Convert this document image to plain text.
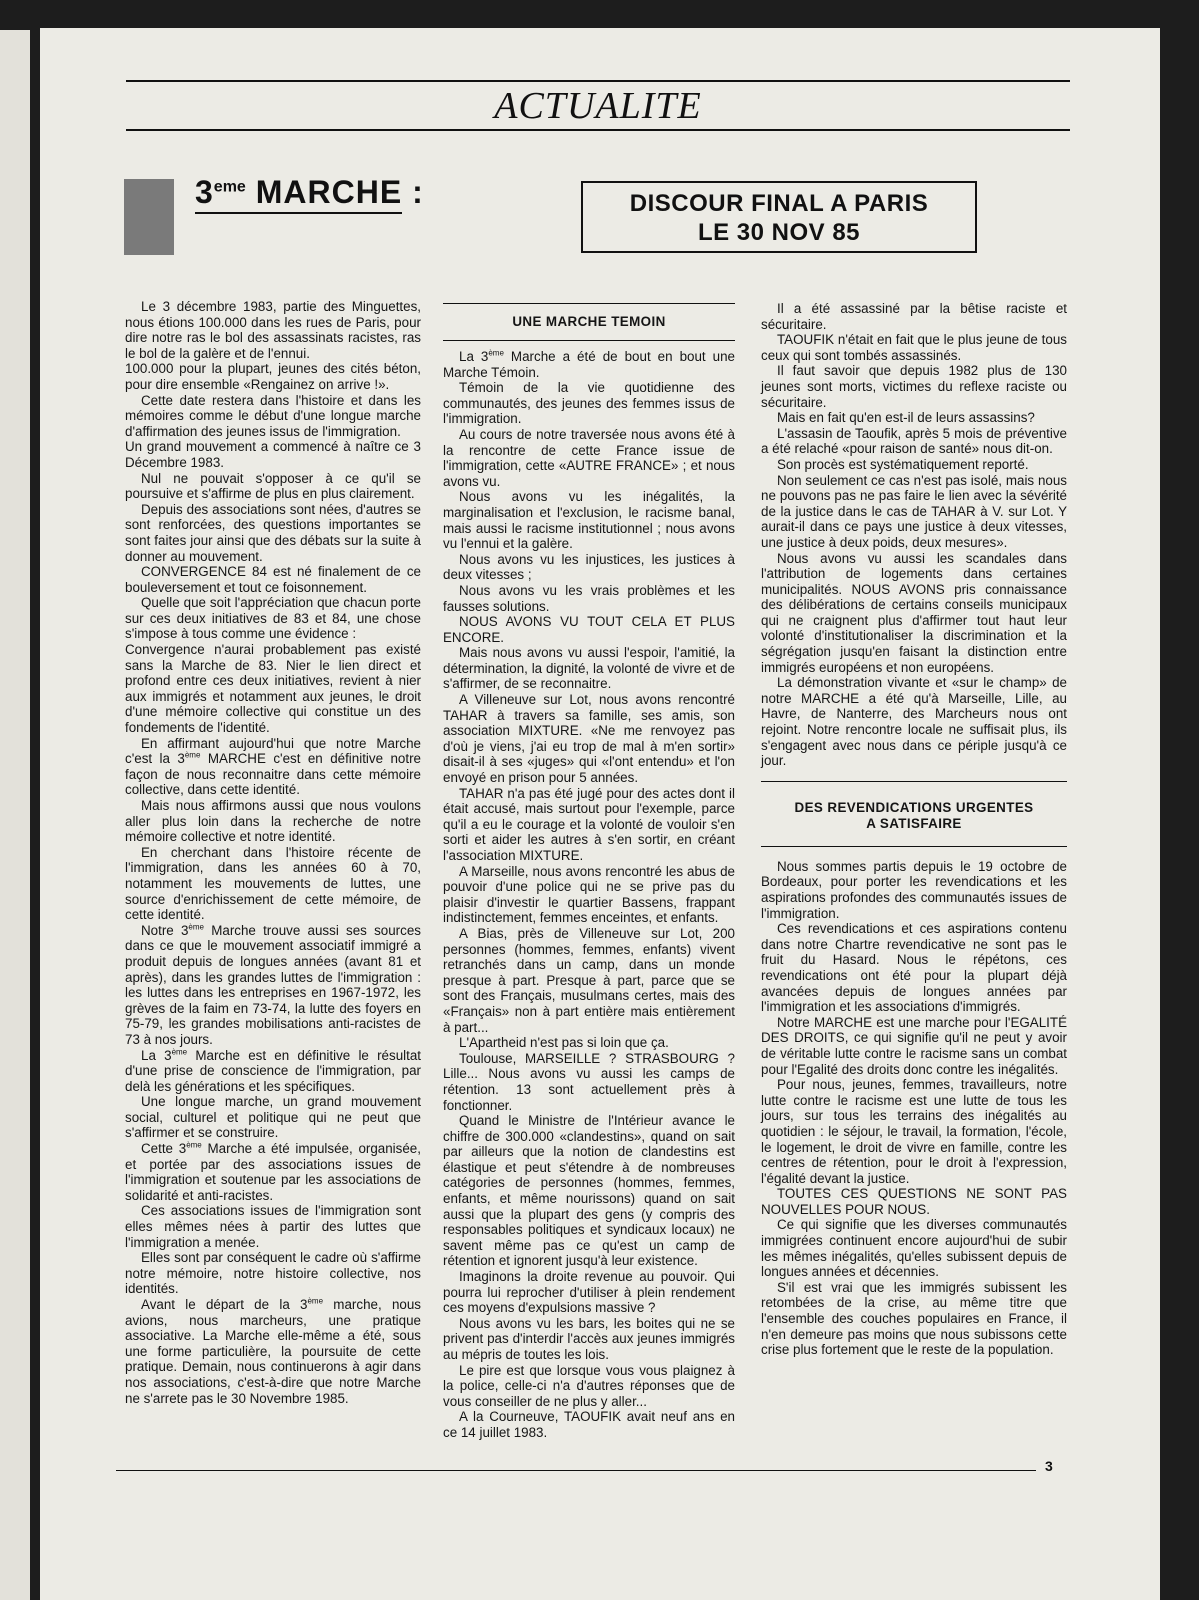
ACTUALITE
3eme MARCHE :	DISCOUR FINAL A PARIS
LE 30 NOV 85

Le 3 décembre 1983, partie des Minguettes, nous étions 100.000 dans les rues de Paris, pour dire notre ras le bol des assassinats racistes, ras le bol de la galère et de l'ennui.

100.000 pour la plupart, jeunes des cités béton, pour dire ensemble «Rengainez on arrive !».

Cette date restera dans l'histoire et dans les mémoires comme le début d'une longue marche d'affirmation des jeunes issus de l'immigration.

Un grand mouvement a commencé à naître ce 3 Décembre 1983.

Nul ne pouvait s'opposer à ce qu'il se poursuive et s'affirme de plus en plus clairement.

Depuis des associations sont nées, d'autres se sont renforcées, des questions importantes se sont faites jour ainsi que des débats sur la suite à donner au mouvement.

CONVERGENCE 84 est né finalement de ce bouleversement et tout ce foisonnement.

Quelle que soit l'appréciation que chacun porte sur ces deux initiatives de 83 et 84, une chose s'impose à tous comme une évidence :

Convergence n'aurai probablement pas existé sans la Marche de 83. Nier le lien direct et profond entre ces deux initiatives, revient à nier aux immigrés et notamment aux jeunes, le droit d'une mémoire collective qui constitue un des fondements de l'identité.

En affirmant aujourd'hui que notre Marche c'est la 3ème MARCHE c'est en définitive notre façon de nous reconnaitre dans cette mémoire collective, dans cette identité.

Mais nous affirmons aussi que nous voulons aller plus loin dans la recherche de notre mémoire collective et notre identité.

En cherchant dans l'histoire récente de l'immigration, dans les années 60 à 70, notamment les mouvements de luttes, une source d'enrichissement de cette mémoire, de cette identité.

Notre 3ème Marche trouve aussi ses sources dans ce que le mouvement associatif immigré a produit depuis de longues années (avant 81 et après), dans les grandes luttes de l'immigration : les luttes dans les entreprises en 1967-1972, les grèves de la faim en 73-74, la lutte des foyers en 75-79, les grandes mobilisations anti-racistes de 73 à nos jours.

La 3ème Marche est en définitive le résultat d'une prise de conscience de l'immigration, par delà les générations et les spécifiques.

Une longue marche, un grand mouvement social, culturel et politique qui ne peut que s'affirmer et se construire.

Cette 3ème Marche a été impulsée, organisée, et portée par des associations issues de l'immigration et soutenue par les associations de solidarité et anti-racistes.

Ces associations issues de l'immigration sont elles mêmes nées à partir des luttes que l'immigration a menée.

Elles sont par conséquent le cadre où s'affirme notre mémoire, notre histoire collective, nos identités.

Avant le départ de la 3ème marche, nous avions, nous marcheurs, une pratique associative. La Marche elle-même a été, sous une forme particulière, la poursuite de cette pratique. Demain, nous continuerons à agir dans nos associations, c'est-à-dire que notre Marche ne s'arrete pas le 30 Novembre 1985.

UNE MARCHE TEMOIN

La 3ème Marche a été de bout en bout une Marche Témoin.

Témoin de la vie quotidienne des communautés, des jeunes des femmes issus de l'immigration.

Au cours de notre traversée nous avons été à la rencontre de cette France issue de l'immigration, cette «AUTRE FRANCE» ; et nous avons vu.

Nous avons vu les inégalités, la marginalisation et l'exclusion, le racisme banal, mais aussi le racisme institutionnel ; nous avons vu l'ennui et la galère.

Nous avons vu les injustices, les justices à deux vitesses ;

Nous avons vu les vrais problèmes et les fausses solutions.

NOUS AVONS VU TOUT CELA ET PLUS ENCORE.

Mais nous avons vu aussi l'espoir, l'amitié, la détermination, la dignité, la volonté de vivre et de s'affirmer, de se reconnaitre.

A Villeneuve sur Lot, nous avons rencontré TAHAR à travers sa famille, ses amis, son association MIXTURE. «Ne me renvoyez pas d'où je viens, j'ai eu trop de mal à m'en sortir» disait-il à ses «juges» qui «l'ont entendu» et l'on envoyé en prison pour 5 années.

TAHAR n'a pas été jugé pour des actes dont il était accusé, mais surtout pour l'exemple, parce qu'il a eu le courage et la volonté de vouloir s'en sorti et aider les autres à s'en sortir, en créant l'association MIXTURE.

A Marseille, nous avons rencontré les abus de pouvoir d'une police qui ne se prive pas du plaisir d'investir le quartier Bassens, frappant indistinctement, femmes enceintes, et enfants.

A Bias, près de Villeneuve sur Lot, 200 personnes (hommes, femmes, enfants) vivent retranchés dans un camp, dans un monde presque à part. Presque à part, parce que se sont des Français, musulmans certes, mais des «Français» non à part entière mais entièrement à part...

L'Apartheid n'est pas si loin que ça.

Toulouse, MARSEILLE ? STRASBOURG ? Lille... Nous avons vu aussi les camps de rétention. 13 sont actuellement près à fonctionner.

Quand le Ministre de l'Intérieur avance le chiffre de 300.000 «clandestins», quand on sait par ailleurs que la notion de clandestins est élastique et peut s'étendre à de nombreuses catégories de personnes (hommes, femmes, enfants, et même nourissons) quand on sait aussi que la plupart des gens (y compris des responsables politiques et syndicaux locaux) ne savent même pas ce qu'est un camp de rétention et ignorent jusqu'à leur existence.

Imaginons la droite revenue au pouvoir. Qui pourra lui reprocher d'utiliser à plein rendement ces moyens d'expulsions massive ?

Nous avons vu les bars, les boites qui ne se privent pas d'interdir l'accès aux jeunes immigrés au mépris de toutes les lois.

Le pire est que lorsque vous vous plaignez à la police, celle-ci n'a d'autres réponses que de vous conseiller de ne plus y aller...

A la Courneuve, TAOUFIK avait neuf ans en ce 14 juillet 1983.

Il a été assassiné par la bêtise raciste et sécuritaire.

TAOUFIK n'était en fait que le plus jeune de tous ceux qui sont tombés assassinés.

Il faut savoir que depuis 1982 plus de 130 jeunes sont morts, victimes du reflexe raciste ou sécuritaire.

Mais en fait qu'en est-il de leurs assassins?

L'assasin de Taoufik, après 5 mois de préventive a été relaché «pour raison de santé» nous dit-on.

Son procès est systématiquement reporté.

Non seulement ce cas n'est pas isolé, mais nous ne pouvons pas ne pas faire le lien avec la sévérité de la justice dans le cas de TAHAR à V. sur Lot. Y aurait-il dans ce pays une justice à deux vitesses, une justice à deux poids, deux mesures».

Nous avons vu aussi les scandales dans l'attribution de logements dans certaines municipalités. NOUS AVONS pris connaissance des délibérations de certains conseils municipaux qui ne craignent plus d'affirmer tout haut leur volonté d'institutionaliser la discrimination et la ségrégation jusqu'en faisant la distinction entre immigrés européens et non européens.

La démonstration vivante et «sur le champ» de notre MARCHE a été qu'à Marseille, Lille, au Havre, de Nanterre, des Marcheurs nous ont rejoint. Notre rencontre locale ne suffisait plus, ils s'engagent avec nous dans ce périple jusqu'à ce jour.

DES REVENDICATIONS URGENTES
A SATISFAIRE

Nous sommes partis depuis le 19 octobre de Bordeaux, pour porter les revendications et les aspirations profondes des communautés issues de l'immigration.

Ces revendications et ces aspirations contenu dans notre Chartre revendicative ne sont pas le fruit du Hasard. Nous le répétons, ces revendications ont été pour la plupart déjà avancées depuis de longues années par l'immigration et les associations d'immigrés.

Notre MARCHE est une marche pour l'EGALITÉ DES DROITS, ce qui signifie qu'il ne peut y avoir de véritable lutte contre le racisme sans un combat pour l'Egalité des droits donc contre les inégalités.

Pour nous, jeunes, femmes, travailleurs, notre lutte contre le racisme est une lutte de tous les jours, sur tous les terrains des inégalités au quotidien : le séjour, le travail, la formation, l'école, le logement, le droit de vivre en famille, contre les centres de rétention, pour le droit à l'expression, l'égalité devant la justice.

TOUTES CES QUESTIONS NE SONT PAS NOUVELLES POUR NOUS.

Ce qui signifie que les diverses communautés immigrées continuent encore aujourd'hui de subir les mêmes inégalités, qu'elles subissent depuis de longues années et décennies.

S'il est vrai que les immigrés subissent les retombées de la crise, au même titre que l'ensemble des couches populaires en France, il n'en demeure pas moins que nous subissons cette crise plus fortement que le reste de la population.

3
